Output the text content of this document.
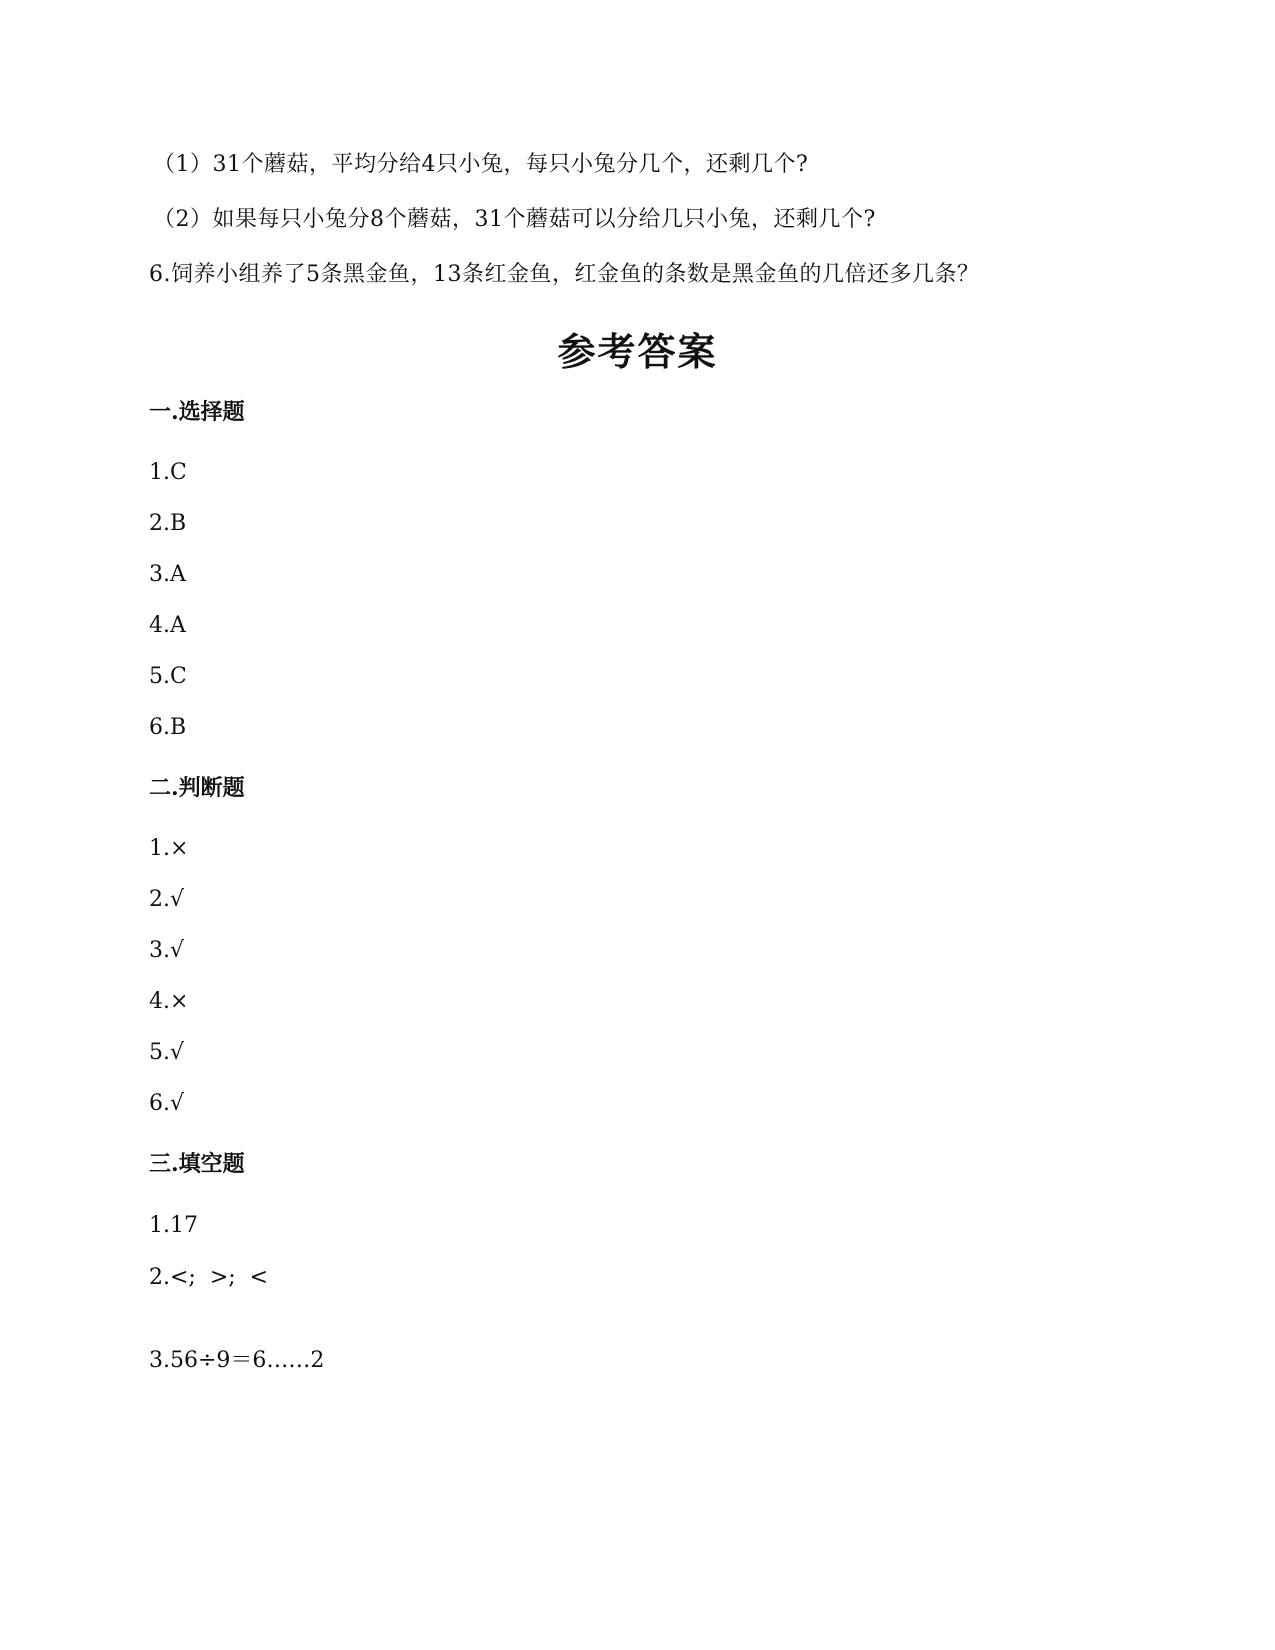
（1）31个蘑菇，平均分给4只小兔，每只小兔分几个，还剩几个?
（2）如果每只小兔分8个蘑菇，31个蘑菇可以分给几只小兔，还剩几个?
6.饲养小组养了5条黑金鱼，13条红金鱼，红金鱼的条数是黑金鱼的几倍还多几条？
参考答案
一.选择题
1.C
2.B
3.A
4.A
5.C
6.B
二.判断题
1.×
2.√
3.√
4.×
5.√
6.√
三.填空题
1.17
2.<;  >;  <
3.56÷9＝6……2
